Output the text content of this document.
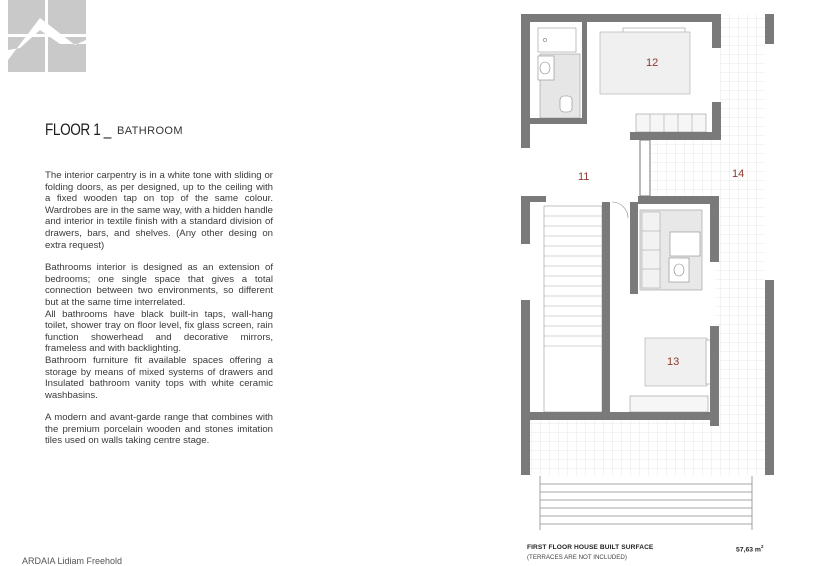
FLOOR 1 _ BATHROOM

The interior carpentry is in a white tone with sliding or folding doors, as per designed, up to the ceiling with a fixed wooden tap on top of the same colour. Wardrobes are in the same way, with a hidden handle and interior in textile finish with a standard division of drawers, bars, and shelves. (Any other desing on extra request)

Bathrooms interior is designed as an extension of bedrooms; one single space that gives a total connection between two environments, so different but at the same time interrelated.

All bathrooms have black built-in taps, wall-hang toilet, shower tray on floor level, fix glass screen, rain function showerhead and decorative mirrors, frameless and with backlighting.

Bathroom furniture fit available spaces offering a storage by means of mixed systems of drawers and Insulated bathroom vanity tops with white ceramic washbasins.

A modern and avant-garde range that combines with the premium porcelain wooden and stones imitation tiles used on walls taking centre stage.

ARDAIA Lidiam Freehold
11
12
13
14
FIRST FLOOR HOUSE BUILT SURFACE
(TERRACES ARE NOT INCLUDED)
57,63 $m^2$
